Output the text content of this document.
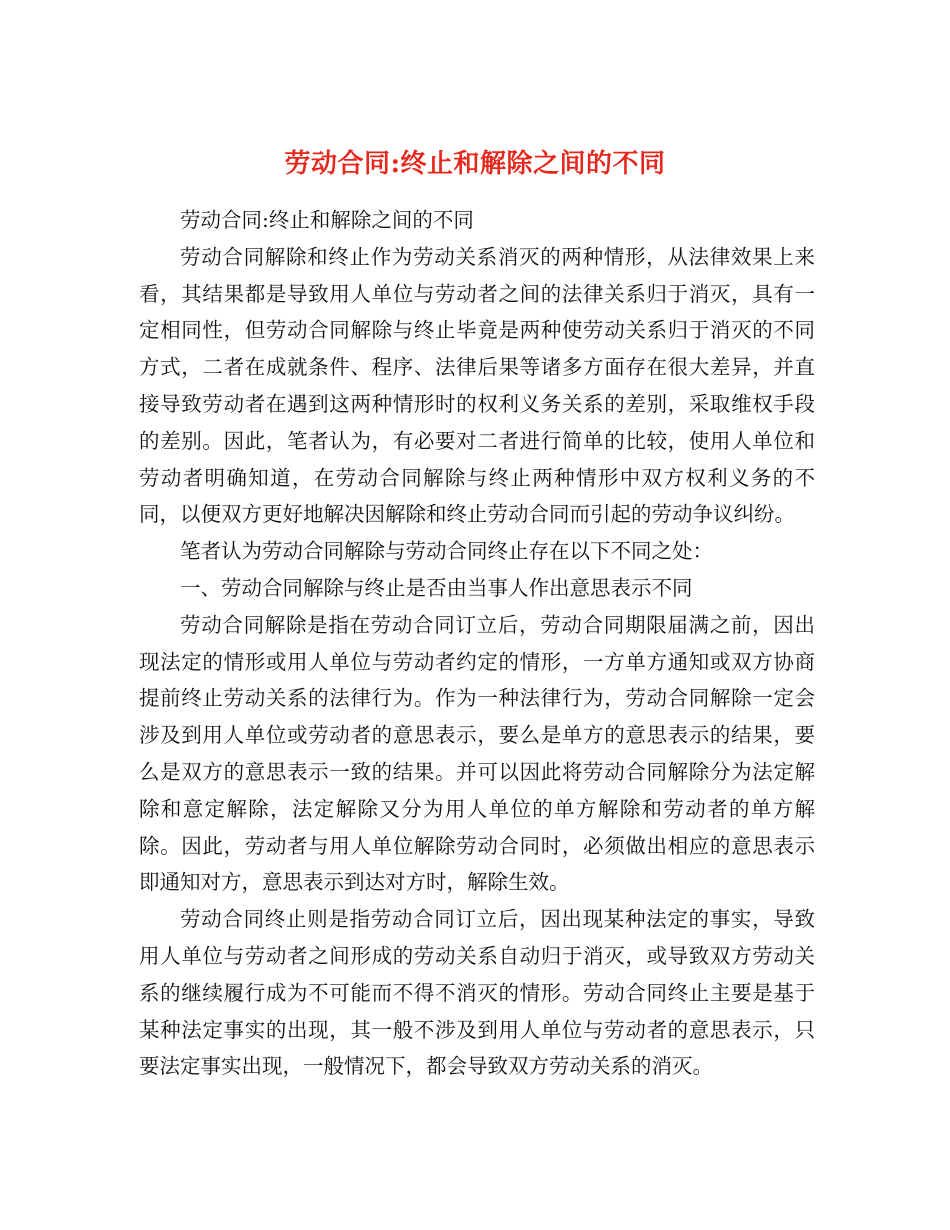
劳动合同:终止和解除之间的不同

劳动合同:终止和解除之间的不同

劳动合同解除和终止作为劳动关系消灭的两种情形，从法律效果上来看，其结果都是导致用人单位与劳动者之间的法律关系归于消灭，具有一定相同性，但劳动合同解除与终止毕竟是两种使劳动关系归于消灭的不同方式，二者在成就条件、程序、法律后果等诸多方面存在很大差异，并直接导致劳动者在遇到这两种情形时的权利义务关系的差别，采取维权手段的差别。因此，笔者认为，有必要对二者进行简单的比较，使用人单位和劳动者明确知道，在劳动合同解除与终止两种情形中双方权利义务的不同，以便双方更好地解决因解除和终止劳动合同而引起的劳动争议纠纷。

笔者认为劳动合同解除与劳动合同终止存在以下不同之处：

一、劳动合同解除与终止是否由当事人作出意思表示不同

劳动合同解除是指在劳动合同订立后，劳动合同期限届满之前，因出现法定的情形或用人单位与劳动者约定的情形，一方单方通知或双方协商提前终止劳动关系的法律行为。作为一种法律行为，劳动合同解除一定会涉及到用人单位或劳动者的意思表示，要么是单方的意思表示的结果，要么是双方的意思表示一致的结果。并可以因此将劳动合同解除分为法定解除和意定解除，法定解除又分为用人单位的单方解除和劳动者的单方解除。因此，劳动者与用人单位解除劳动合同时，必须做出相应的意思表示即通知对方，意思表示到达对方时，解除生效。

劳动合同终止则是指劳动合同订立后，因出现某种法定的事实，导致用人单位与劳动者之间形成的劳动关系自动归于消灭，或导致双方劳动关系的继续履行成为不可能而不得不消灭的情形。劳动合同终止主要是基于某种法定事实的出现，其一般不涉及到用人单位与劳动者的意思表示，只要法定事实出现，一般情况下，都会导致双方劳动关系的消灭。
